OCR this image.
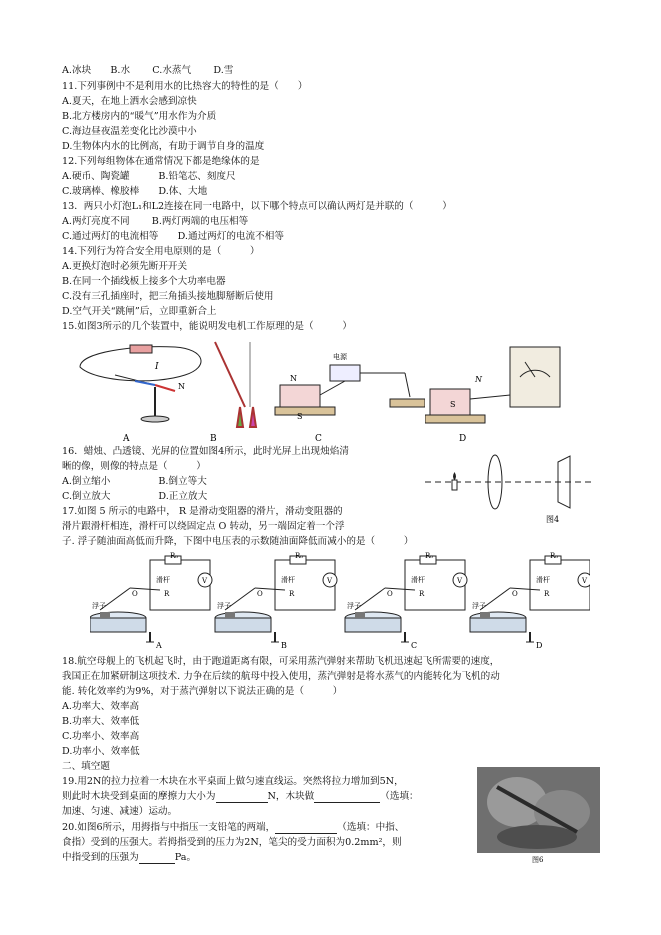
A.冰块　　B.水　　 C.水蒸气　　 D.雪
11.下列事例中不是利用水的比热容大的特性的是（　　）
A.夏天，在地上洒水会感到凉快
B.北方楼房内的“暖气”用水作为介质
C.海边昼夜温差变化比沙漠中小
D.生物体内水的比例高，有助于调节自身的温度
12.下列每组物体在通常情况下都是绝缘体的是
A.硬币、陶瓷罐　　　B.铅笔芯、刻度尺
C.玻璃棒、橡胶棒　　D.体、大地
13．两只小灯泡L₁和L2连接在同一电路中，以下哪个特点可以确认两灯是并联的（　　　）
A.两灯亮度不同　　 B.两灯两端的电压相等
C.通过两灯的电流相等　　D.通过两灯的电流不相等
14.下列行为符合安全用电原则的是（　　　）
A.更换灯泡时必须先断开开关
B.在同一个插线板上接多个大功率电器
C.没有三孔插座时，把三角插头接地脚掰断后使用
D.空气开关“跳闸”后，立即重新合上
15.如图3所示的几个装置中，能说明发电机工作原理的是（　　　）
I
N
电源
N
S
A	B	C
N
S
D
16．蜡烛、凸透镜、光屏的位置如图4所示，此时光屏上出现烛焰清
晰的像，则像的特点是（　　　）
A.倒立缩小　　　　　B.倒立等大
C.倒立放大　　　　　D.正立放大
图4
17.如图 5 所示的电路中， R 是滑动变阻器的滑片，滑动变阻器的
滑片跟滑杆相连，滑杆可以绕固定点 O 转动，另一端固定着一个浮
子. 浮子随油面高低而升降，下图中电压表的示数随油面降低而减小的是（　　　）
R₀
V
滑杆
R
O
浮子
A
R₀
V
滑杆
R
O
浮子
B
R₀
V
滑杆
R
O
浮子
C
R₀
V
滑杆
R
O
浮子
D
18.航空母舰上的飞机起飞时，由于跑道距离有限，可采用蒸汽弹射来帮助飞机迅速起飞所需要的速度，
我国正在加紧研制这项技术. 力争在后续的航母中投入使用，蒸汽弹射是将水蒸气的内能转化为飞机的动
能. 转化效率约为9%，对于蒸汽弹射以下说法正确的是（　　　）
A.功率大、效率高
B.功率大、效率低
C.功率小、效率高
D.功率小、效率低
二、填空题
19.用2N的拉力拉着一木块在水平桌面上做匀速直线运。突然将拉力增加到5N，
则此时木块受到桌面的摩擦力大小为	N，木块做	（选填：
加速、匀速、减速）运动。
20.如图6所示，用拇指与中指压一支铅笔的两端，	（选填：中指、
食指）受到的压强大。若拇指受到的压力为2N，笔尖的受力面积为0.2mm²，则
中指受到的压强为	Pa。	图6
